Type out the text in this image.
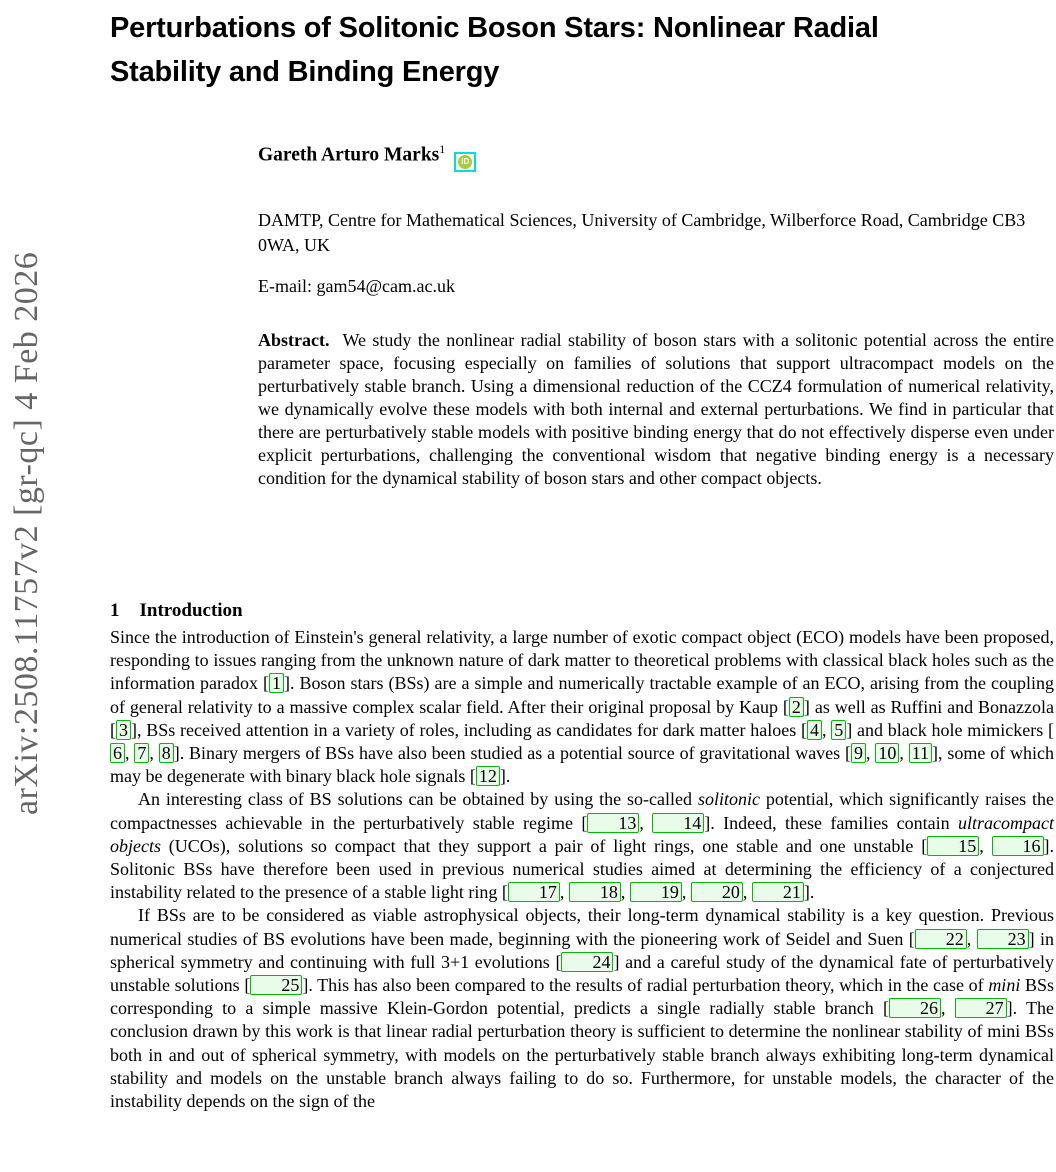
arXiv:2508.11757v2 [gr-qc] 4 Feb 2026
Perturbations of Solitonic Boson Stars: Nonlinear Radial
Stability and Binding Energy
Gareth Arturo Marks$^1$iD

DAMTP, Centre for Mathematical Sciences, University of Cambridge, Wilberforce Road, Cambridge CB3 0WA, UK

E-mail: gam54@cam.ac.uk

Abstract. We study the nonlinear radial stability of boson stars with a solitonic potential across the entire parameter space, focusing especially on families of solutions that support ultracompact models on the perturbatively stable branch. Using a dimensional reduction of the CCZ4 formulation of numerical relativity, we dynamically evolve these models with both internal and external perturbations. We find in particular that there are perturbatively stable models with positive binding energy that do not effectively disperse even under explicit perturbations, challenging the conventional wisdom that negative binding energy is a necessary condition for the dynamical stability of boson stars and other compact objects.

1 Introduction

Since the introduction of Einstein's general relativity, a large number of exotic compact object (ECO) models have been proposed, responding to issues ranging from the unknown nature of dark matter to theoretical problems with classical black holes such as the information paradox [ 1 ]. Boson stars (BSs) are a simple and numerically tractable example of an ECO, arising from the coupling of general relativity to a massive complex scalar field. After their original proposal by Kaup [ 2 ] as well as Ruffini and Bonazzola [ 3 ], BSs received attention in a variety of roles, including as candidates for dark matter haloes [ 4 , 5 ] and black hole mimickers [6 , 7 , 8 ]. Binary mergers of BSs have also been studied as a potential source of gravitational waves [ 9 , 10 , 11 ], some of which may be degenerate with binary black hole signals [ 12 ].

An interesting class of BS solutions can be obtained by using the so-called solitonic potential, which significantly raises the compactnesses achievable in the perturbatively stable regime [ 13 , 14 ]. Indeed, these families contain ultracompact objects (UCOs), solutions so compact that they support a pair of light rings, one stable and one unstable [ 15 , 16 ]. Solitonic BSs have therefore been used in previous numerical studies aimed at determining the efficiency of a conjectured instability related to the presence of a stable light ring [ 17 , 18 , 19 , 20 , 21 ].

If BSs are to be considered as viable astrophysical objects, their long-term dynamical stability is a key question. Previous numerical studies of BS evolutions have been made, beginning with the pioneering work of Seidel and Suen [ 22 , 23 ] in spherical symmetry and continuing with full 3+1 evolutions [ 24 ] and a careful study of the dynamical fate of perturbatively unstable solutions [ 25 ]. This has also been compared to the results of radial perturbation theory, which in the case of mini BSs corresponding to a simple massive Klein-Gordon potential, predicts a single radially stable branch [ 26 , 27 ]. The conclusion drawn by this work is that linear radial perturbation theory is sufficient to determine the nonlinear stability of mini BSs both in and out of spherical symmetry, with models on the perturbatively stable branch always exhibiting long-term dynamical stability and models on the unstable branch always failing to do so. Furthermore, for unstable models, the character of the instability depends on the sign of the
